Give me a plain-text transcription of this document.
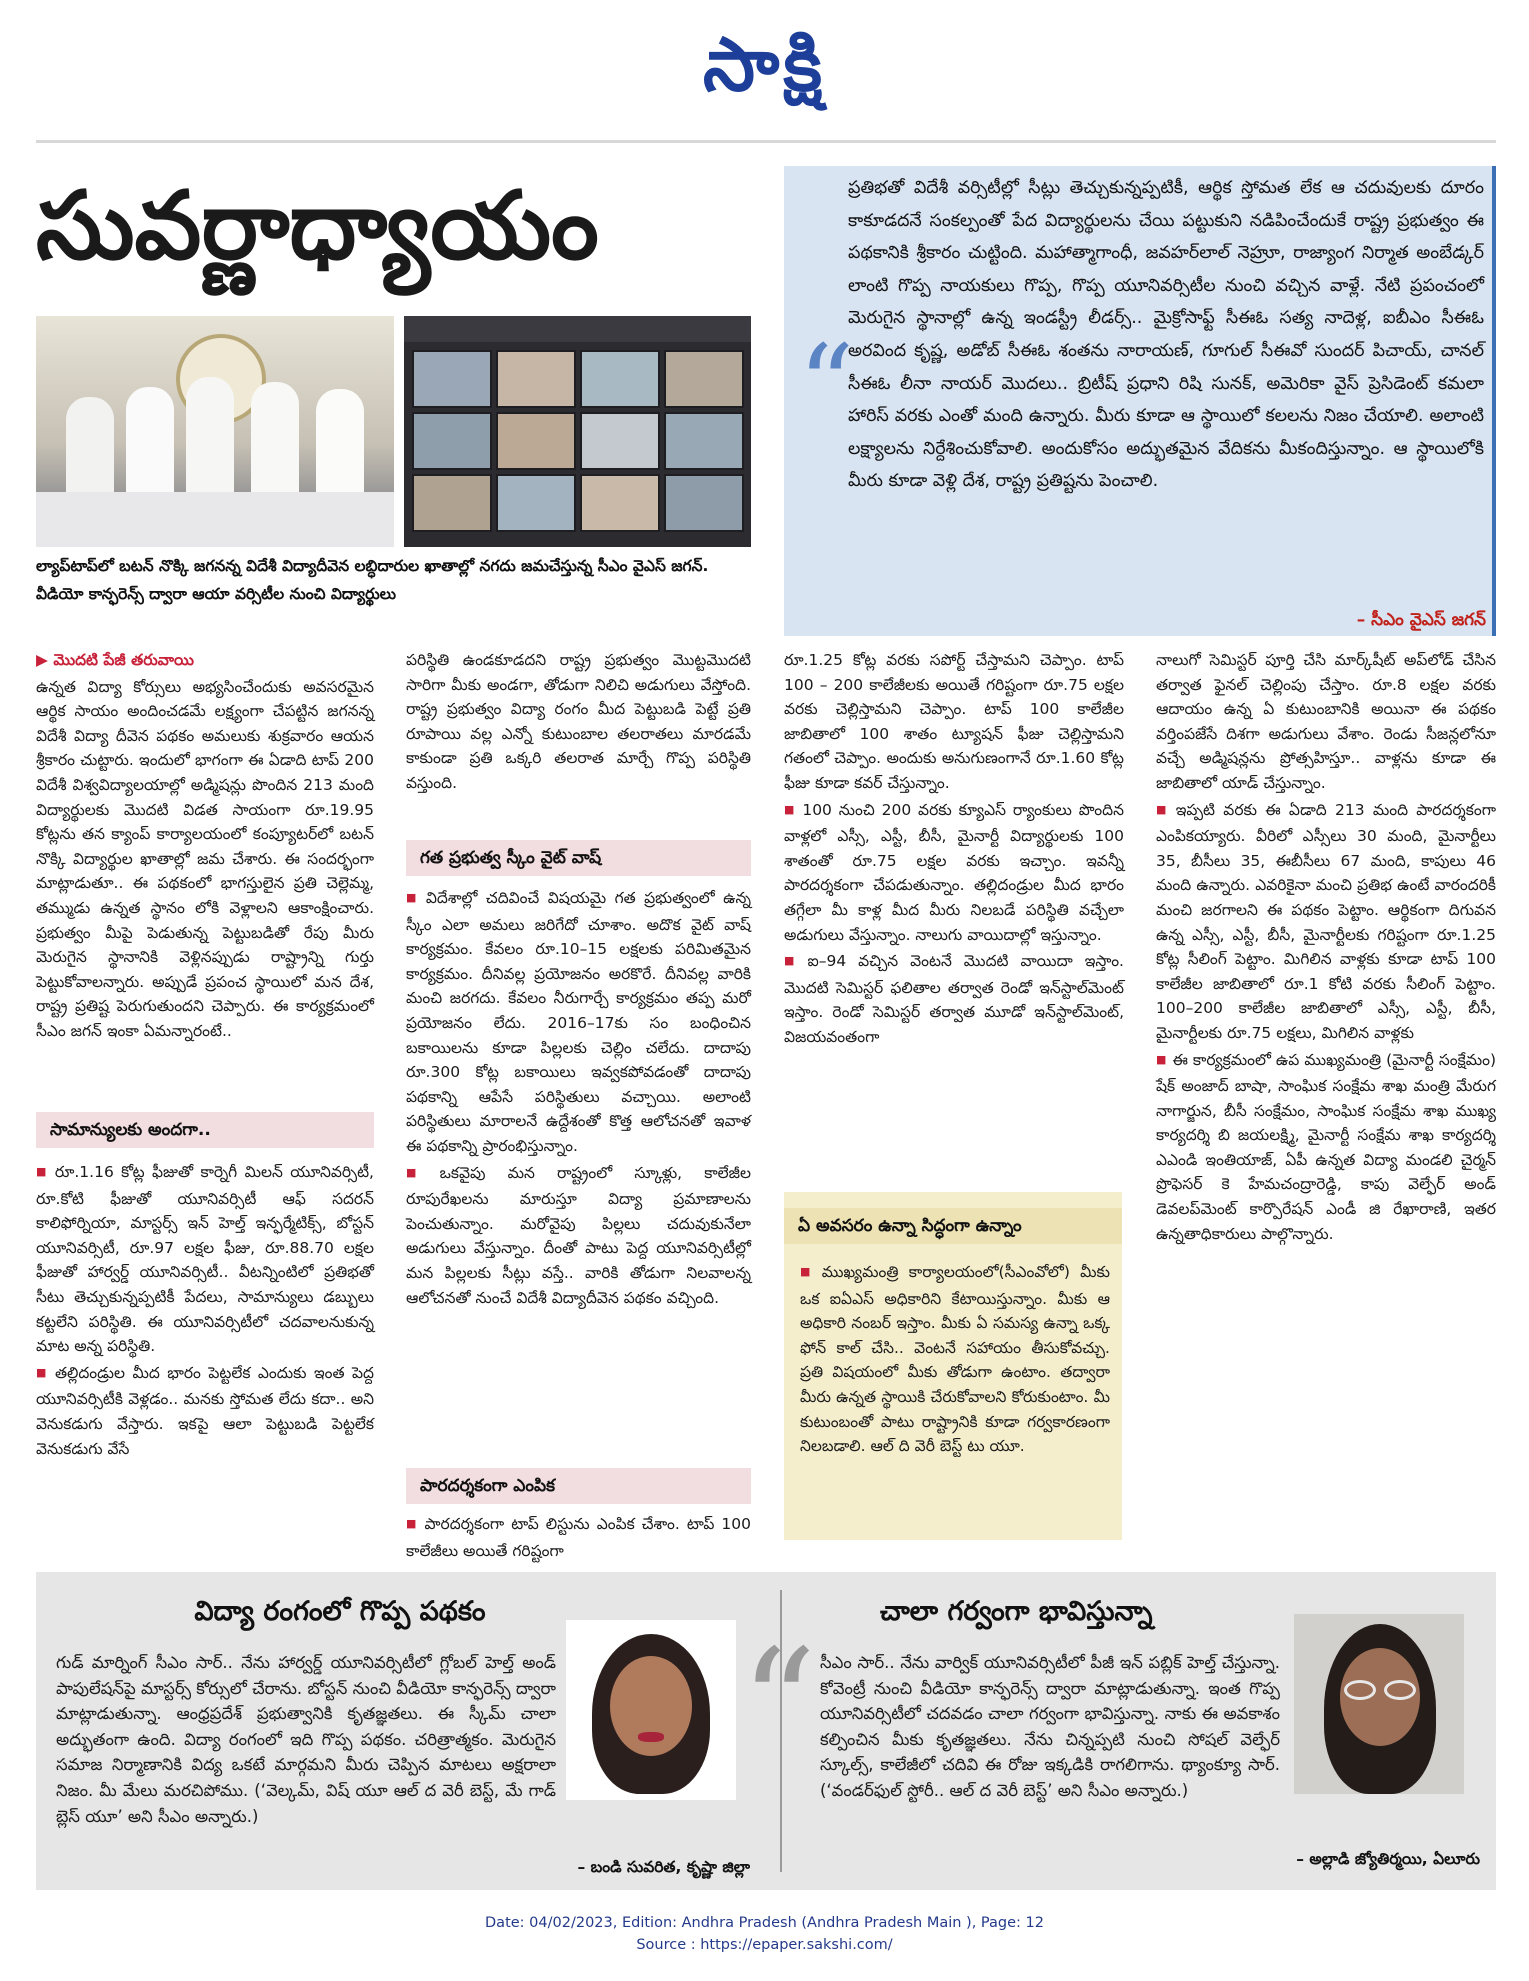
సాక్షి
సువర్ణాధ్యాయం

ల్యాప్‌టాప్‌లో బటన్ నొక్కి జగనన్న విదేశీ విద్యాదీవెన లబ్ధిదారుల ఖాతాల్లో నగదు జమచేస్తున్న సీఎం వైఎస్ జగన్. వీడియో కాన్ఫరెన్స్ ద్వారా ఆయా వర్సిటీల నుంచి విద్యార్థులు

“

ప్రతిభతో విదేశీ వర్సిటీల్లో సీట్లు తెచ్చుకున్నప్పటికీ, ఆర్థిక స్తోమత లేక ఆ చదువులకు దూరం కాకూడదనే సంకల్పంతో పేద విద్యార్థులను చేయి పట్టుకుని నడిపించేందుకే రాష్ట్ర ప్రభుత్వం ఈ పథకానికి శ్రీకారం చుట్టింది. మహాత్మాగాంధీ, జవహర్‌లాల్ నెహ్రూ, రాజ్యాంగ నిర్మాత అంబేడ్కర్ లాంటి గొప్ప నాయకులు గొప్ప, గొప్ప యూనివర్సిటీల నుంచి వచ్చిన వాళ్లే. నేటి ప్రపంచంలో మెరుగైన స్థానాల్లో ఉన్న ఇండస్ట్రీ లీడర్స్.. మైక్రోసాఫ్ట్ సీఈఓ సత్య నాదెళ్ల, ఐబీఎం సీఈఓ అరవింద కృష్ణ, అడోబ్ సీఈఓ శంతను నారాయణ్, గూగుల్ సీఈవో సుందర్ పిచాయ్, చానల్ సీఈఓ లీనా నాయర్ మొదలు.. బ్రిటీష్ ప్రధాని రిషి సునక్, అమెరికా వైస్ ప్రెసిడెంట్ కమలా హారిస్ వరకు ఎంతో మంది ఉన్నారు. మీరు కూడా ఆ స్థాయిలో కలలను నిజం చేయాలి. అలాంటి లక్ష్యాలను నిర్దేశించుకోవాలి. అందుకోసం అద్భుతమైన వేదికను మీకందిస్తున్నాం. ఆ స్థాయిలోకి మీరు కూడా వెళ్లి దేశ, రాష్ట్ర ప్రతిష్టను పెంచాలి.

– సీఎం వైఎస్ జగన్

▶ మొదటి పేజీ తరువాయి

ఉన్నత విద్యా కోర్సులు అభ్యసించేందుకు అవసరమైన ఆర్థిక సాయం అందించడమే లక్ష్యంగా చేపట్టిన జగనన్న విదేశీ విద్యా దీవెన పథకం అమలుకు శుక్రవారం ఆయన శ్రీకారం చుట్టారు. ఇందులో భాగంగా ఈ ఏడాది టాప్ 200 విదేశీ విశ్వవిద్యాలయాల్లో అడ్మిషన్లు పొందిన 213 మంది విద్యార్థులకు మొదటి విడత సాయంగా రూ.19.95 కోట్లను తన క్యాంప్ కార్యాలయంలో కంప్యూటర్‌లో బటన్ నొక్కి విద్యార్థుల ఖాతాల్లో జమ చేశారు. ఈ సందర్భంగా మాట్లాడుతూ.. ఈ పథకంలో భాగస్తులైన ప్రతి చెల్లెమ్మ, తమ్ముడు ఉన్నత స్థానం లోకి వెళ్లాలని ఆకాంక్షించారు. ప్రభుత్వం మీపై పెడుతున్న పెట్టుబడితో రేపు మీరు మెరుగైన స్థానానికి వెళ్లినప్పుడు రాష్ట్రాన్ని గుర్తు పెట్టుకోవాలన్నారు. అప్పుడే ప్రపంచ స్థాయిలో మన దేశ, రాష్ట్ర ప్రతిష్ట పెరుగుతుందని చెప్పారు. ఈ కార్యక్రమంలో సీఎం జగన్ ఇంకా ఏమన్నారంటే..

సామాన్యులకు అందగా..

■ రూ.1.16 కోట్ల ఫీజుతో కార్నెగీ మిలన్ యూనివర్సిటీ, రూ.కోటి ఫీజుతో యూనివర్సిటీ ఆఫ్ సదరన్ కాలిఫోర్నియా, మాస్టర్స్ ఇన్ హెల్త్ ఇన్ఫర్మేటిక్స్, బోస్టన్ యూనివర్సిటీ, రూ.97 లక్షల ఫీజు, రూ.88.70 లక్షల ఫీజుతో హార్వర్డ్ యూనివర్సిటీ.. వీటన్నింటిలో ప్రతిభతో సీటు తెచ్చుకున్నప్పటికీ పేదలు, సామాన్యులు డబ్బులు కట్టలేని పరిస్థితి. ఈ యూనివర్సిటీలో చదవాలనుకున్న మాట అన్న పరిస్థితి.

■ తల్లిదండ్రుల మీద భారం పెట్టలేక ఎందుకు ఇంత పెద్ద యూనివర్సిటీకి వెళ్లడం.. మనకు స్తోమత లేదు కదా.. అని వెనుకడుగు వేస్తారు. ఇకపై ఆలా పెట్టుబడి పెట్టలేక వెనుకడుగు వేసే

పరిస్థితి ఉండకూడదని రాష్ట్ర ప్రభుత్వం మొట్టమొదటి సారిగా మీకు అండగా, తోడుగా నిలిచి అడుగులు వేస్తోంది. రాష్ట్ర ప్రభుత్వం విద్యా రంగం మీద పెట్టుబడి పెట్టే ప్రతి రూపాయి వల్ల ఎన్నో కుటుంబాల తలరాతలు మారడమే కాకుండా ప్రతి ఒక్కరి తలరాత మార్చే గొప్ప పరిస్థితి వస్తుంది.

గత ప్రభుత్వ స్కీం వైట్ వాష్

■ విదేశాల్లో చదివించే విషయమై గత ప్రభుత్వంలో ఉన్న స్కీం ఎలా అమలు జరిగేదో చూశాం. అదొక వైట్ వాష్ కార్యక్రమం. కేవలం రూ.10–15 లక్షలకు పరిమితమైన కార్యక్రమం. దీనివల్ల ప్రయోజనం అరకొరే. దీనివల్ల వారికి మంచి జరగదు. కేవలం నీరుగార్చే కార్యక్రమం తప్ప మరో ప్రయోజనం లేదు. 2016–17కు సం బంధించిన బకాయిలను కూడా పిల్లలకు చెల్లిం చలేదు. దాదాపు రూ.300 కోట్ల బకాయిలు ఇవ్వకపోవడంతో దాదాపు పథకాన్ని ఆపేసే పరిస్థితులు వచ్చాయి. అలాంటి పరిస్థితులు మారాలనే ఉద్దేశంతో కొత్త ఆలోచనతో ఇవాళ ఈ పథకాన్ని ప్రారంభిస్తున్నాం.

■ ఒకవైపు మన రాష్ట్రంలో స్కూళ్లు, కాలేజీల రూపురేఖలను మారుస్తూ విద్యా ప్రమాణాలను పెంచుతున్నాం. మరోవైపు పిల్లలు చదువుకునేలా అడుగులు వేస్తున్నాం. దీంతో పాటు పెద్ద యూనివర్సిటీల్లో మన పిల్లలకు సీట్లు వస్తే.. వారికి తోడుగా నిలవాలన్న ఆలోచనతో నుంచే విదేశీ విద్యాదీవెన పథకం వచ్చింది.

పారదర్శకంగా ఎంపిక

■ పారదర్శకంగా టాప్ లిస్టును ఎంపిక చేశాం. టాప్ 100 కాలేజీలు అయితే గరిష్టంగా

రూ.1.25 కోట్ల వరకు సపోర్ట్ చేస్తామని చెప్పాం. టాప్ 100 – 200 కాలేజీలకు అయితే గరిష్టంగా రూ.75 లక్షల వరకు చెల్లిస్తామని చెప్పాం. టాప్ 100 కాలేజీల జాబితాలో 100 శాతం ట్యూషన్ ఫీజు చెల్లిస్తామని గతంలో చెప్పాం. అందుకు అనుగుణంగానే రూ.1.60 కోట్ల ఫీజు కూడా కవర్ చేస్తున్నాం.

■ 100 నుంచి 200 వరకు క్యూఎస్ ర్యాంకులు పొందిన వాళ్లలో ఎస్సీ, ఎస్టీ, బీసీ, మైనార్టీ విద్యార్థులకు 100 శాతంతో రూ.75 లక్షల వరకు ఇచ్చాం. ఇవన్నీ పారదర్శకంగా చేపడుతున్నాం. తల్లిదండ్రుల మీద భారం తగ్గేలా మీ కాళ్ల మీద మీరు నిలబడే పరిస్థితి వచ్చేలా అడుగులు వేస్తున్నాం. నాలుగు వాయిదాల్లో ఇస్తున్నాం.

■ ఐ–94 వచ్చిన వెంటనే మొదటి వాయిదా ఇస్తాం. మొదటి సెమిస్టర్ ఫలితాల తర్వాత రెండో ఇన్‌స్టాల్‌మెంట్ ఇస్తాం. రెండో సెమిస్టర్ తర్వాత మూడో ఇన్‌స్టాల్‌మెంట్, విజయవంతంగా

ఏ అవసరం ఉన్నా సిద్ధంగా ఉన్నాం

■ ముఖ్యమంత్రి కార్యాలయంలో(సీఎంవోలో) మీకు ఒక ఐఏఎస్ అధికారిని కేటాయిస్తున్నాం. మీకు ఆ అధికారి నంబర్ ఇస్తాం. మీకు ఏ సమస్య ఉన్నా ఒక్క ఫోన్ కాల్ చేసి.. వెంటనే సహాయం తీసుకోవచ్చు. ప్రతి విషయంలో మీకు తోడుగా ఉంటాం. తద్వారా మీరు ఉన్నత స్థాయికి చేరుకోవాలని కోరుకుంటాం. మీ కుటుంబంతో పాటు రాష్ట్రానికి కూడా గర్వకారణంగా నిలబడాలి. ఆల్ ది వెరీ బెస్ట్ టు యూ.

నాలుగో సెమిస్టర్ పూర్తి చేసి మార్క్‌షీట్ అప్‌లోడ్ చేసిన తర్వాత ఫైనల్ చెల్లింపు చేస్తాం. రూ.8 లక్షల వరకు ఆదాయం ఉన్న ఏ కుటుంబానికి అయినా ఈ పథకం వర్తింపజేసే దిశగా అడుగులు వేశాం. రెండు సీజన్లలోనూ వచ్చే అడ్మిషన్లను ప్రోత్సహిస్తూ.. వాళ్లను కూడా ఈ జాబితాలో యాడ్ చేస్తున్నాం.

■ ఇప్పటి వరకు ఈ ఏడాది 213 మంది పారదర్శకంగా ఎంపికయ్యారు. వీరిలో ఎస్సీలు 30 మంది, మైనార్టీలు 35, బీసీలు 35, ఈబీసీలు 67 మంది, కాపులు 46 మంది ఉన్నారు. ఎవరికైనా మంచి ప్రతిభ ఉంటే వారందరికీ మంచి జరగాలని ఈ పథకం పెట్టాం. ఆర్థికంగా దిగువన ఉన్న ఎస్సీ, ఎస్టీ, బీసీ, మైనార్టీలకు గరిష్టంగా రూ.1.25 కోట్ల సీలింగ్ పెట్టాం. మిగిలిన వాళ్లకు కూడా టాప్ 100 కాలేజీల జాబితాలో రూ.1 కోటి వరకు సీలింగ్ పెట్టాం. 100–200 కాలేజీల జాబితాలో ఎస్సీ, ఎస్టీ, బీసీ, మైనార్టీలకు రూ.75 లక్షలు, మిగిలిన వాళ్లకు

■ ఈ కార్యక్రమంలో ఉప ముఖ్యమంత్రి (మైనార్టీ సంక్షేమం) షేక్ అంజాద్ బాషా, సాంఘిక సంక్షేమ శాఖ మంత్రి మేరుగ నాగార్జున, బీసీ సంక్షేమం, సాంఘిక సంక్షేమ శాఖ ముఖ్య కార్యదర్శి బి జయలక్ష్మి, మైనార్టీ సంక్షేమ శాఖ కార్యదర్శి ఎఎండి ఇంతియాజ్, ఏపీ ఉన్నత విద్యా మండలి చైర్మన్ ప్రొఫెసర్ కె హేమచంద్రారెడ్డి, కాపు వెల్ఫేర్ అండ్ డెవలప్‌మెంట్ కార్పొరేషన్ ఎండీ జి రేఖారాణి, ఇతర ఉన్నతాధికారులు పాల్గొన్నారు.

“
విద్యా రంగంలో గొప్ప పథకం

గుడ్ మార్నింగ్ సీఎం సార్.. నేను హార్వర్డ్ యూనివర్సిటీలో గ్లోబల్ హెల్త్ అండ్ పాపులేషన్‌పై మాస్టర్స్ కోర్సులో చేరాను. బోస్టన్ నుంచి వీడియో కాన్ఫరెన్స్ ద్వారా మాట్లాడుతున్నా. ఆంధ్రప్రదేశ్ ప్రభుత్వానికి కృతజ్ఞతలు. ఈ స్కీమ్ చాలా అద్భుతంగా ఉంది. విద్యా రంగంలో ఇది గొప్ప పథకం. చరిత్రాత్మకం. మెరుగైన సమాజ నిర్మాణానికి విద్య ఒకటే మార్గమని మీరు చెప్పిన మాటలు అక్షరాలా నిజం. మీ మేలు మరచిపోము. (‘వెల్కమ్, విష్ యూ ఆల్ ద వెరీ బెస్ట్, మే గాడ్ బ్లెస్ యూ’ అని సీఎం అన్నారు.)

– బండి సువరిత, కృష్ణా జిల్లా
చాలా గర్వంగా భావిస్తున్నా

సీఎం సార్.. నేను వార్విక్ యూనివర్సిటీలో పీజీ ఇన్ పబ్లిక్ హెల్త్ చేస్తున్నా. కోవెంట్రీ నుంచి వీడియో కాన్ఫరెన్స్ ద్వారా మాట్లాడుతున్నా. ఇంత గొప్ప యూనివర్సిటీలో చదవడం చాలా గర్వంగా భావిస్తున్నా. నాకు ఈ అవకాశం కల్పించిన మీకు కృతజ్ఞతలు. నేను చిన్నప్పటి నుంచి సోషల్ వెల్ఫేర్ స్కూల్స్, కాలేజీలో చదివి ఈ రోజు ఇక్కడికి రాగలిగాను. థ్యాంక్యూ సార్. (‘వండర్‌ఫుల్ స్టోరీ.. ఆల్ ద వెరీ బెస్ట్’ అని సీఎం అన్నారు.)

– అల్లాడి జ్యోతిర్మయి, ఏలూరు
Date: 04/02/2023, Edition: Andhra Pradesh (Andhra Pradesh Main ), Page: 12
Source : https://epaper.sakshi.com/
